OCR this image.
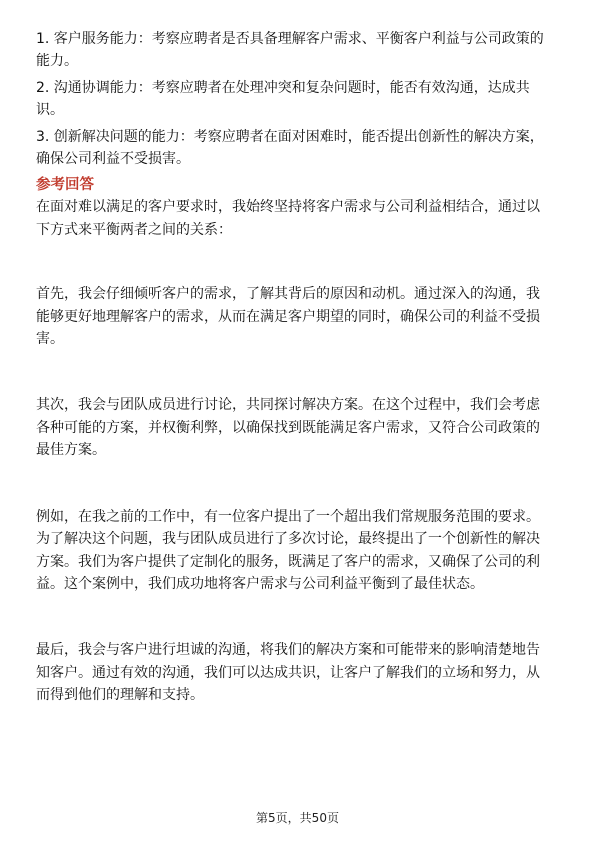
1. 客户服务能力：考察应聘者是否具备理解客户需求、平衡客户利益与公司政策的
能力。
2. 沟通协调能力：考察应聘者在处理冲突和复杂问题时，能否有效沟通，达成共
识。
3. 创新解决问题的能力：考察应聘者在面对困难时，能否提出创新性的解决方案，
确保公司利益不受损害。
参考回答
在面对难以满足的客户要求时，我始终坚持将客户需求与公司利益相结合，通过以
下方式来平衡两者之间的关系：
首先，我会仔细倾听客户的需求，了解其背后的原因和动机。通过深入的沟通，我
能够更好地理解客户的需求，从而在满足客户期望的同时，确保公司的利益不受损
害。
其次，我会与团队成员进行讨论，共同探讨解决方案。在这个过程中，我们会考虑
各种可能的方案，并权衡利弊，以确保找到既能满足客户需求，又符合公司政策的
最佳方案。
例如，在我之前的工作中，有一位客户提出了一个超出我们常规服务范围的要求。
为了解决这个问题，我与团队成员进行了多次讨论，最终提出了一个创新性的解决
方案。我们为客户提供了定制化的服务，既满足了客户的需求，又确保了公司的利
益。这个案例中，我们成功地将客户需求与公司利益平衡到了最佳状态。
最后，我会与客户进行坦诚的沟通，将我们的解决方案和可能带来的影响清楚地告
知客户。通过有效的沟通，我们可以达成共识，让客户了解我们的立场和努力，从
而得到他们的理解和支持。
第5页，共50页
